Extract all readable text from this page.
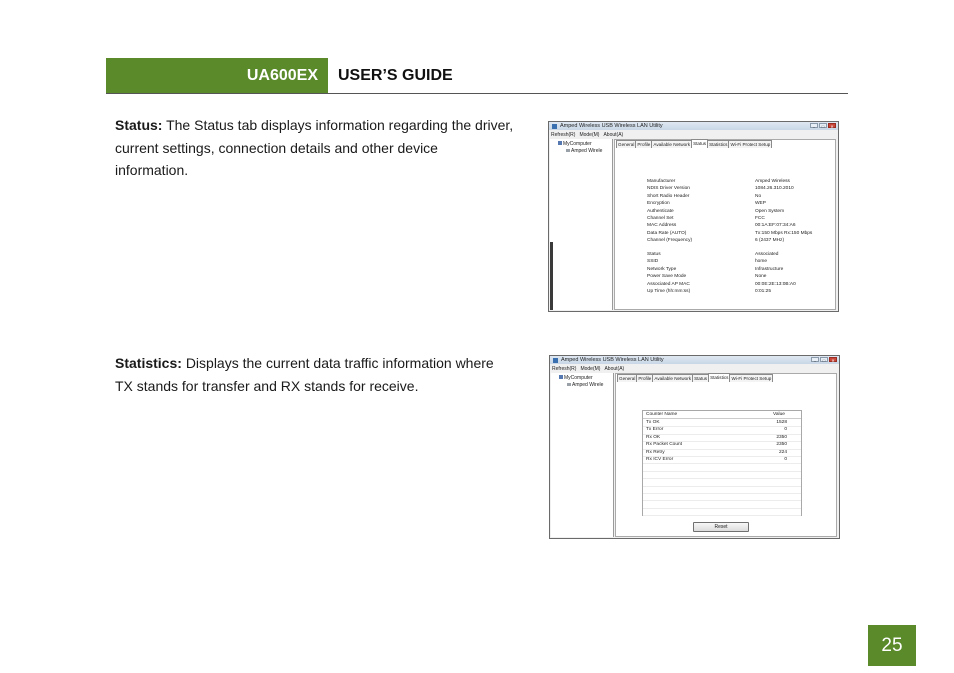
UA600EX USER’S GUIDE
Status: The Status tab displays information regarding the driver,
current settings, connection details and other device
information.
Statistics: Displays the current data traffic information where
TX stands for transfer and RX stands for receive.
Amped Wireless USB Wireless LAN Utility	–	□	✕
Refresh(R) Mode(M) About(A)
MyComputer
Amped Wirele
General Profile Available Network Status Statistics Wi-Fi Protect Setup
Manufacturer	Amped Wireless
NDIS Driver Version	1084.26.310.2010
Short Radio Header	No
Encryption	WEP
Authenticate	Open System
Channel Set	FCC
MAC Address	00:1A:EF:07:34:A6
Data Rate (AUTO)	Tx:150 Mbps Rx:150 Mbps
Channel (Frequency)	6 (2437 MHz)
Status	Associated
SSID	home
Network Type	Infrastructure
Power Save Mode	None
Associated AP MAC	00:0E:2E:13:0B:A0
Up Time (hh:mm:ss)	0:01:25
Amped Wireless USB Wireless LAN Utility	–	□	✕
Refresh(R) Mode(M) About(A)
MyComputer
Amped Wirele
General Profile Available Network Status Statistics Wi-Fi Protect Setup
Counter Name	Value
Tx OK	1528
Tx Error	0
Rx OK	2350
Rx Packet Count	2350
Rx Retry	224
Rx ICV Error	0
Reset
25
